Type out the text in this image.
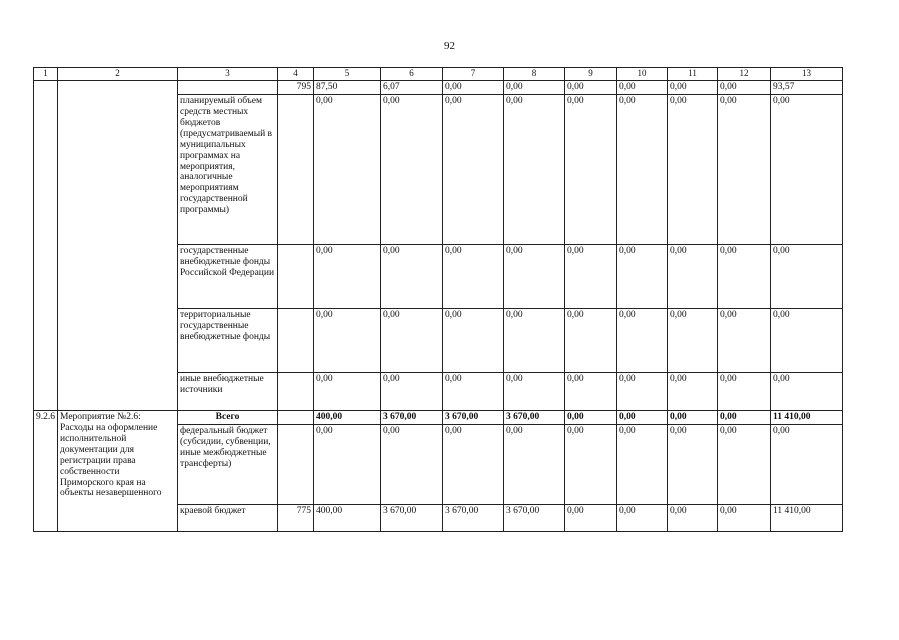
92
1	2	3	4	5	6	7	8	9	10	11	12	13
			795	87,50	6,07	0,00	0,00	0,00	0,00	0,00	0,00	93,57
		планируемый объем средств местных бюджетов (предусматриваемый в муниципальных программах на мероприятия, аналогичные мероприятиям государственной программы)		0,00	0,00	0,00	0,00	0,00	0,00	0,00	0,00	0,00
		государственные внебюджетные фонды Российской Федерации		0,00	0,00	0,00	0,00	0,00	0,00	0,00	0,00	0,00
		территориальные государственные внебюджетные фонды		0,00	0,00	0,00	0,00	0,00	0,00	0,00	0,00	0,00
		иные внебюджетные источники		0,00	0,00	0,00	0,00	0,00	0,00	0,00	0,00	0,00
9.2.6	Мероприятие №2.6: Расходы на оформление исполнительной документации для регистрации права собственности Приморского края на объекты незавершенного	Всего		400,00	3 670,00	3 670,00	3 670,00	0,00	0,00	0,00	0,00	11 410,00
		федеральный бюджет (субсидии, субвенции, иные межбюджетные трансферты)		0,00	0,00	0,00	0,00	0,00	0,00	0,00	0,00	0,00
		краевой бюджет	775	400,00	3 670,00	3 670,00	3 670,00	0,00	0,00	0,00	0,00	11 410,00
